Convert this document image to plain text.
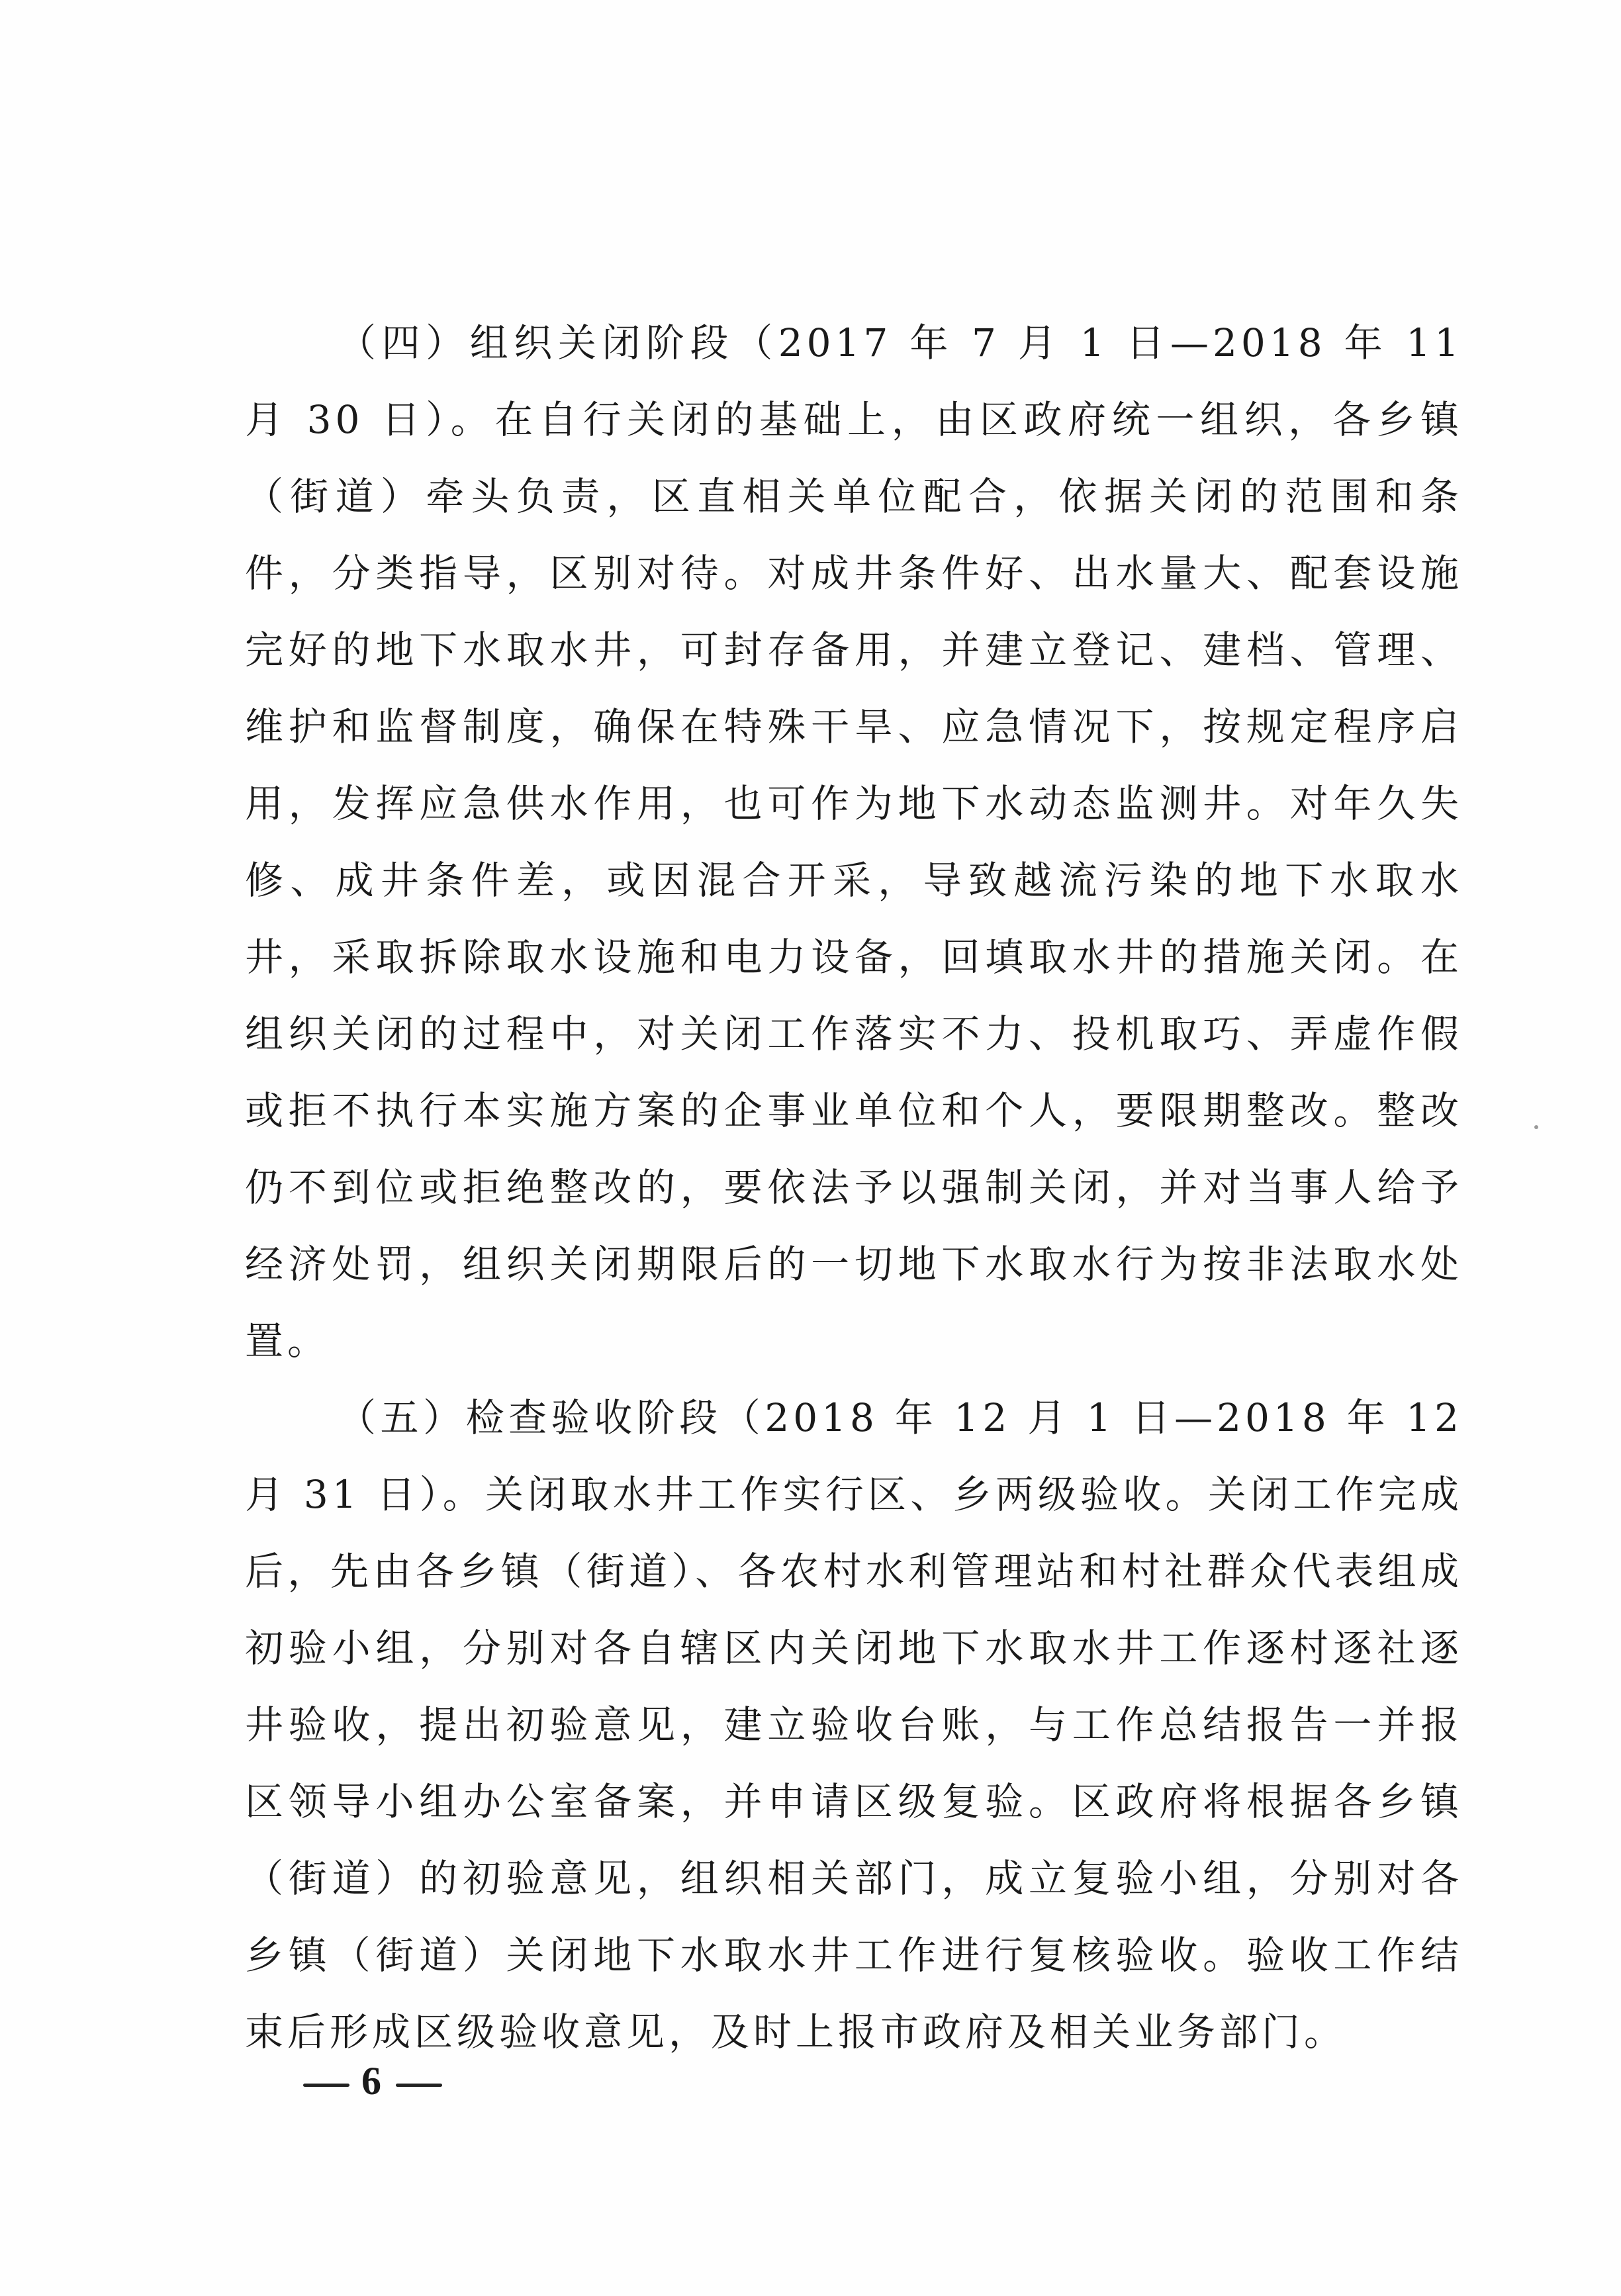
（四）组织关闭阶段（2017 年 7 月 1 日—2018 年 11 月 30 日）。在自行关闭的基础上，由区政府统一组织，各乡镇（街道）牵头负责，区直相关单位配合，依据关闭的范围和条件，分类指导，区别对待。对成井条件好、出水量大、配套设施完好的地下水取水井，可封存备用，并建立登记、建档、管理、维护和监督制度，确保在特殊干旱、应急情况下，按规定程序启用，发挥应急供水作用，也可作为地下水动态监测井。对年久失修、成井条件差，或因混合开采，导致越流污染的地下水取水井，采取拆除取水设施和电力设备，回填取水井的措施关闭。在组织关闭的过程中，对关闭工作落实不力、投机取巧、弄虚作假或拒不执行本实施方案的企事业单位和个人，要限期整改。整改仍不到位或拒绝整改的，要依法予以强制关闭，并对当事人给予经济处罚，组织关闭期限后的一切地下水取水行为按非法取水处置。

（五）检查验收阶段（2018 年 12 月 1 日—2018 年 12 月 31 日）。关闭取水井工作实行区、乡两级验收。关闭工作完成后，先由各乡镇（街道）、各农村水利管理站和村社群众代表组成初验小组，分别对各自辖区内关闭地下水取水井工作逐村逐社逐井验收，提出初验意见，建立验收台账，与工作总结报告一并报区领导小组办公室备案，并申请区级复验。区政府将根据各乡镇（街道）的初验意见，组织相关部门，成立复验小组，分别对各乡镇（街道）关闭地下水取水井工作进行复核验收。验收工作结束后形成区级验收意见，及时上报市政府及相关业务部门。

6
